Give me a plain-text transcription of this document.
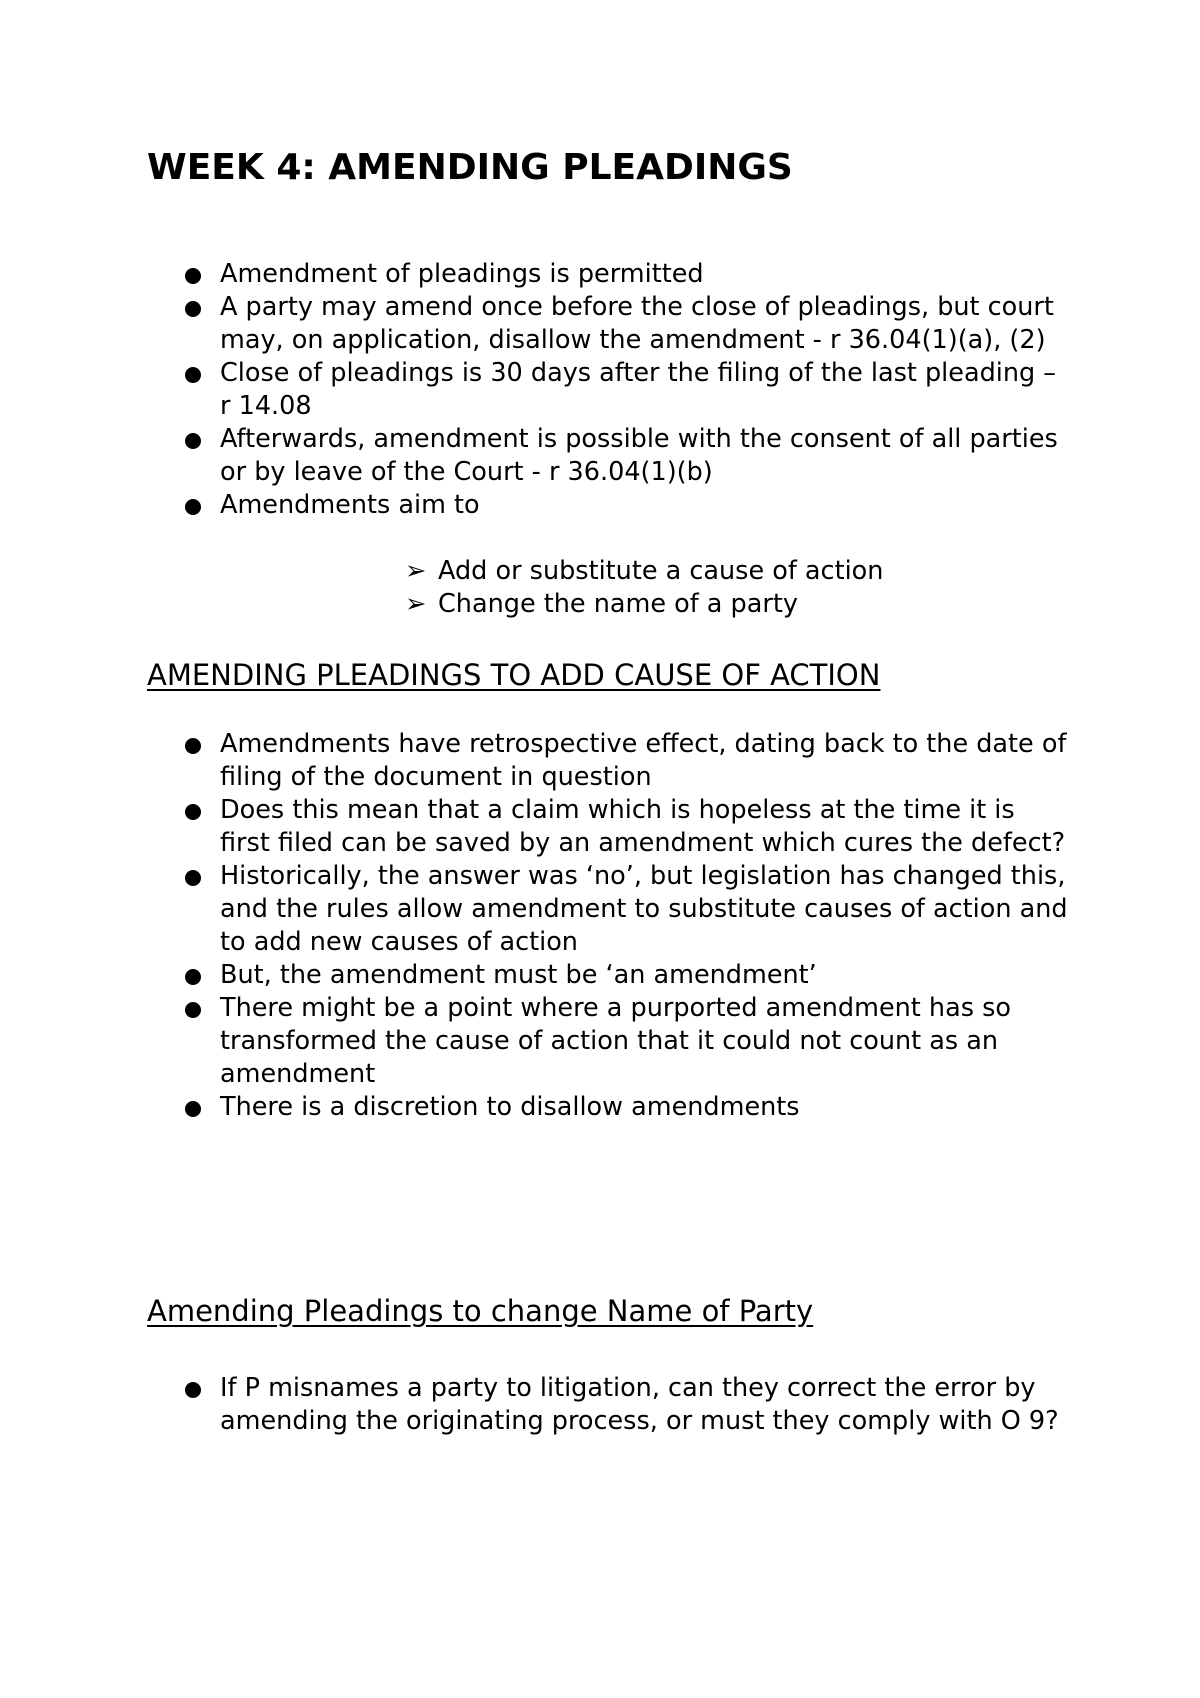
WEEK 4: AMENDING PLEADINGS
Amendment of pleadings is permitted
A party may amend once before the close of pleadings, but court may, on application, disallow the amendment - r 36.04(1)(a), (2)
Close of pleadings is 30 days after the filing of the last pleading – r 14.08
Afterwards, amendment is possible with the consent of all parties or by leave of the Court - r 36.04(1)(b)
Amendments aim to
➢ Add or substitute a cause of action
➢ Change the name of a party
AMENDING PLEADINGS TO ADD CAUSE OF ACTION
Amendments have retrospective effect, dating back to the date of filing of the document in question
Does this mean that a claim which is hopeless at the time it is first filed can be saved by an amendment which cures the defect?
Historically, the answer was ‘no’, but legislation has changed this, and the rules allow amendment to substitute causes of action and to add new causes of action
But, the amendment must be ‘an amendment’
There might be a point where a purported amendment has so transformed the cause of action that it could not count as an amendment
There is a discretion to disallow amendments
Amending Pleadings to change Name of Party
If P misnames a party to litigation, can they correct the error by amending the originating process, or must they comply with O 9?
